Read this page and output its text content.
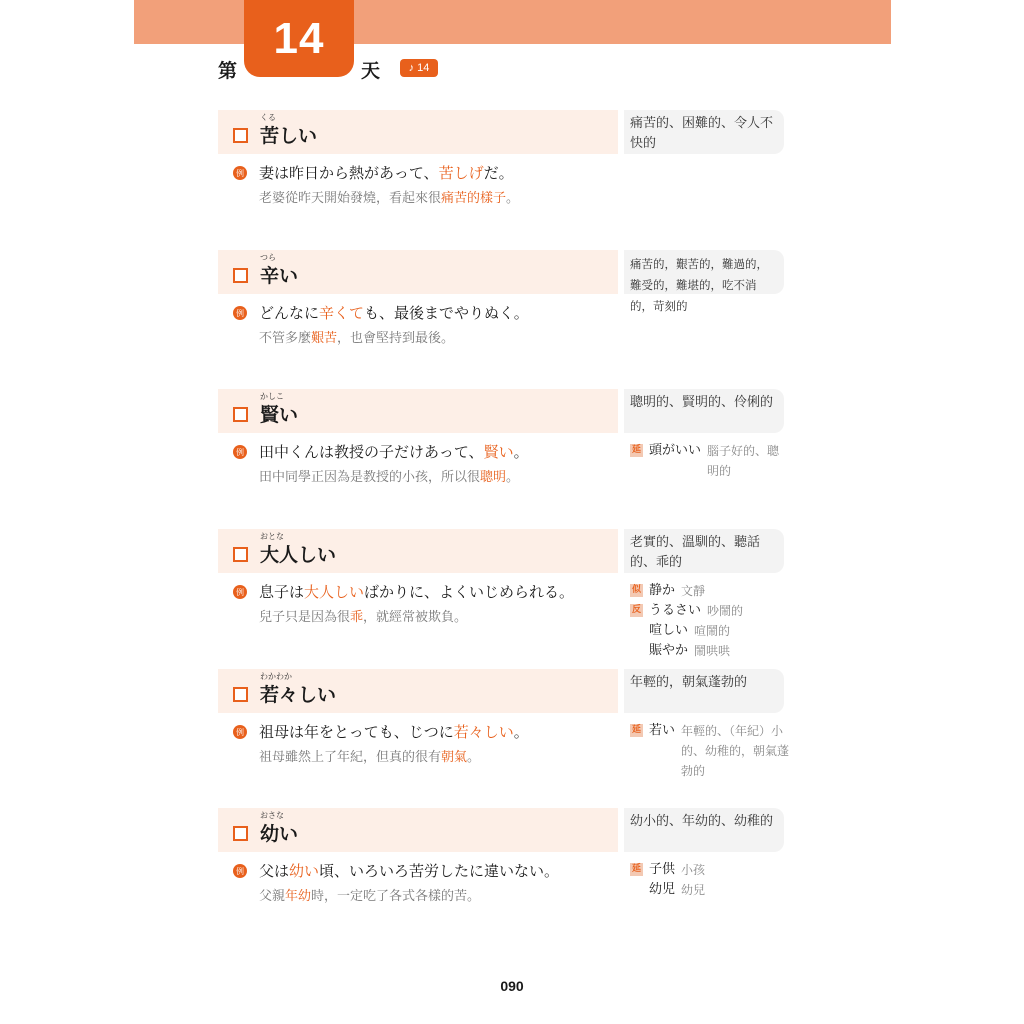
第
14
天	♪ 14
くる
苦しい
痛苦的、困難的、令人不快的
例 妻は昨日から熱があって、苦しげだ。
老婆從昨天開始發燒，看起來很痛苦的樣子。
つら
辛い
痛苦的，艱苦的，難過的，難受的，難堪的，吃不消的，苛刻的
例 どんなに辛くても、最後までやりぬく。
不管多麼艱苦，也會堅持到最後。
かしこ
賢い
聰明的、賢明的、伶俐的
例 田中くんは教授の子だけあって、賢い。
田中同學正因為是教授的小孩，所以很聰明。
延 頭がいい 腦子好的、聰明的
おとな
大人しい
老實的、溫馴的、聽話的、乖的
例 息子は大人しいばかりに、よくいじめられる。
兒子只是因為很乖，就經常被欺負。
似 静か 文靜
反 うるさい 吵鬧的
喧しい 喧鬧的
賑やか 鬧哄哄
わかわか
若々しい
年輕的，朝氣蓬勃的
例 祖母は年をとっても、じつに若々しい。
祖母雖然上了年紀，但真的很有朝氣。
延 若い 年輕的、（年紀）小的、幼稚的，朝氣蓬勃的
おさな
幼い
幼小的、年幼的、幼稚的
例 父は幼い頃、いろいろ苦労したに違いない。
父親年幼時，一定吃了各式各樣的苦。
延 子供 小孩
幼児 幼兒
090
